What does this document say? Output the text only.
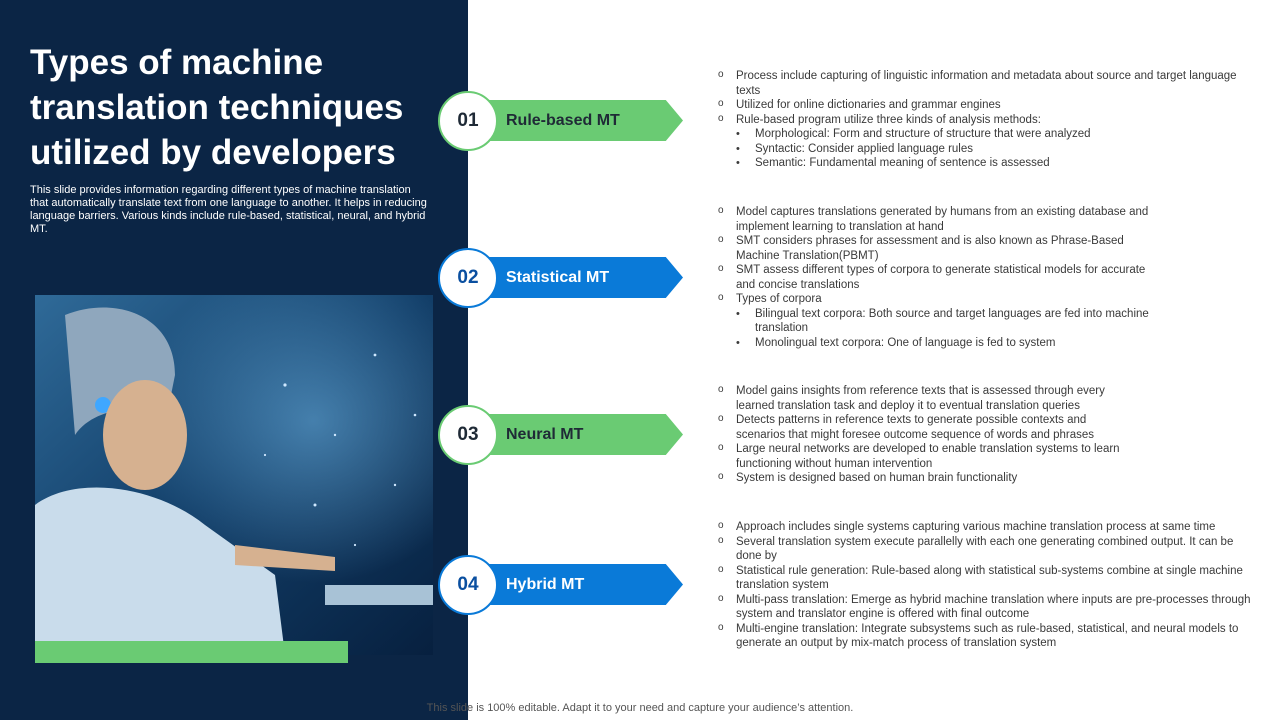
Types of machine translation techniques utilized by developers

This slide provides information regarding different types of machine translation that automatically translate text from one language to another. It helps in reducing language barriers. Various kinds include rule-based, statistical, neural, and hybrid MT.

01	Rule-based MT
02	Statistical MT
03	Neural MT
04	Hybrid MT
o Process include capturing of linguistic information and metadata about source and target language texts
o Utilized for online dictionaries and grammar engines
o Rule-based program utilize three kinds of analysis methods:
• Morphological: Form and structure of structure that were analyzed
• Syntactic: Consider applied language rules
• Semantic: Fundamental meaning of sentence is assessed
o Model captures translations generated by humans from an existing database and implement learning to translation at hand
o SMT considers phrases for assessment and is also known as Phrase-Based Machine Translation(PBMT)
o SMT assess different types of corpora to generate statistical models for accurate and concise translations
o Types of corpora
• Bilingual text corpora: Both source and target languages are fed into machine translation
• Monolingual text corpora: One of language is fed to system
o Model gains insights from reference texts that is assessed through every learned translation task and deploy it to eventual translation queries
o Detects patterns in reference texts to generate possible contexts and scenarios that might foresee outcome sequence of words and phrases
o Large neural networks are developed to enable translation systems to learn functioning without human intervention
o System is designed based on human brain functionality
o Approach includes single systems capturing various machine translation process at same time
o Several translation system execute parallelly with each one generating combined output. It can be done by
o Statistical rule generation: Rule-based along with statistical sub-systems combine at single machine translation system
o Multi-pass translation: Emerge as hybrid machine translation where inputs are pre-processes through system and translator engine is offered with final outcome
o Multi-engine translation: Integrate subsystems such as rule-based, statistical, and neural models to generate an output by mix-match process of translation system
This slide is 100% editable. Adapt it to your need and capture your audience’s attention.
